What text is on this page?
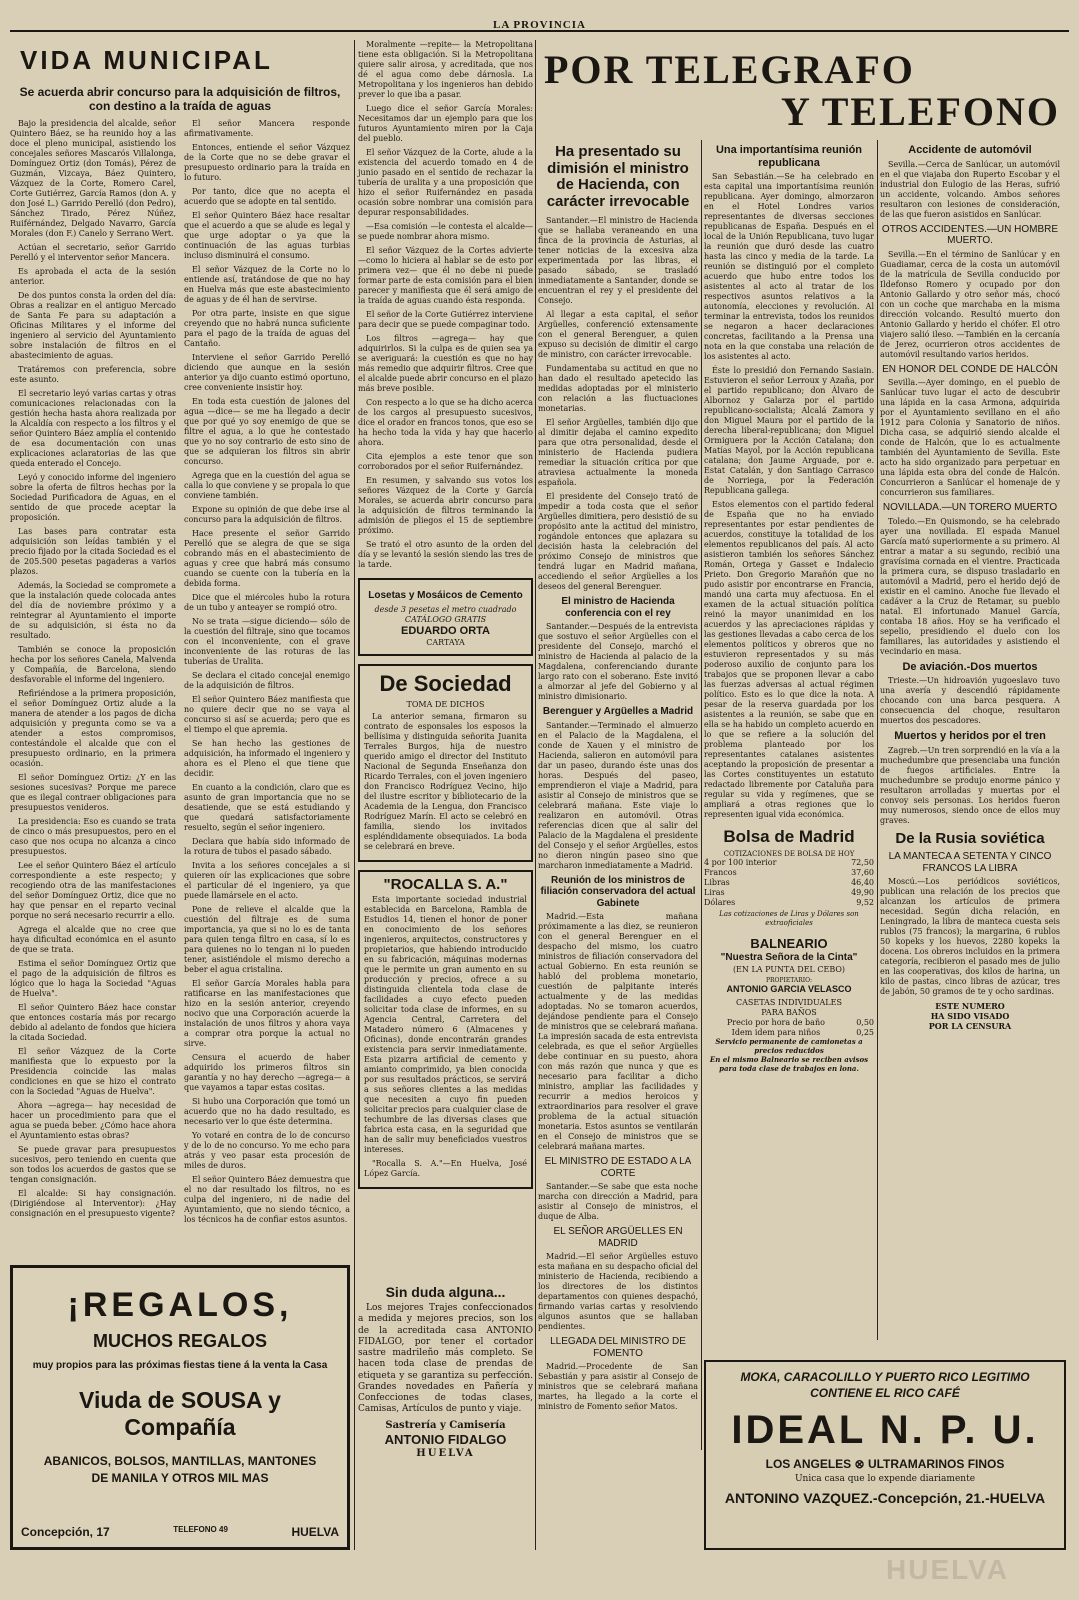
LA PROVINCIA
VIDA MUNICIPAL
Se acuerda abrir concurso para la adquisición de filtros, con destino a la traída de aguas

Bajo la presidencia del alcalde, señor Quintero Báez, se ha reunido hoy a las doce el pleno municipal, asistiendo los concejales señores Mascarós Villalonga, Domínguez Ortiz (don Tomás), Pérez de Guzmán, Vizcaya, Báez Quintero, Vázquez de la Corte, Romero Carel, Corte Gutiérrez, García Ramos (don A. y don José L.) Garrido Perelló (don Pedro), Sánchez Tirado, Pérez Núñez, Ruiférnández, Delgado Navarro, García Morales (don F.) Canelo y Serrano Wert.

Actúan el secretario, señor Garrido Perelló y el interventor señor Mancera.

Es aprobada el acta de la sesión anterior.

De dos puntos consta la orden del día: Obras a realizar en el antiguo Mercado de Santa Fe para su adaptación a Oficinas Militares y el informe del ingeniero al servicio del Ayuntamiento sobre instalación de filtros en el abastecimiento de aguas.

Tratáremos con preferencia, sobre este asunto.

El secretario leyó varias cartas y otras comunicaciones relacionadas con la gestión hecha hasta ahora realizada por la Alcaldía con respecto a los filtros y el señor Quintero Báez amplía el contenido de esa documentación con unas explicaciones aclaratorias de las que queda enterado el Concejo.

Leyó y conocido informe del ingeniero sobre la oferta de filtros hechas por la Sociedad Purificadora de Aguas, en el sentido de que procede aceptar la proposición.

Las bases para contratar esta adquisición son leídas también y el precio fijado por la citada Sociedad es el de 205.500 pesetas pagaderas a varios plazos.

Además, la Sociedad se compromete a que la instalación quede colocada antes del día de noviembre próximo y a reintegrar al Ayuntamiento el importe de su adquisición, si ésta no da resultado.

También se conoce la proposición hecha por los señores Canela, Malvenda y Compañía, de Barcelona, siendo desfavorable el informe del ingeniero.

Refiriéndose a la primera proposición, el señor Domínguez Ortiz alude a la manera de atender a los pagos de dicha adquisición y pregunta como se va a atender a estos compromisos, contestándole el alcalde que con el presupuesto ordinario, en la primera ocasión.

El señor Domínguez Ortiz: ¿Y en las sesiones sucesivas? Porque me parece que es ilegal contraer obligaciones para presupuestos venideros.

La presidencia: Eso es cuando se trata de cinco o más presupuestos, pero en el caso que nos ocupa no alcanza a cinco presupuestos.

Lee el señor Quintero Báez el artículo correspondiente a este respecto; y recogiendo otra de las manifestaciones del señor Domínguez Ortiz, dice que no hay que pensar en el reparto vecinal porque no será necesario recurrir a ello.

Agrega el alcalde que no cree que haya dificultad económica en el asunto de que se trata.

Estima el señor Domínguez Ortiz que el pago de la adquisición de filtros es lógico que lo haga la Sociedad "Aguas de Huelva".

El señor Quintero Báez hace constar que entonces costaría más por recargo debido al adelanto de fondos que hiciera la citada Sociedad.

El señor Vázquez de la Corte manifiesta que lo expuesto por la Presidencia coincide las malas condiciones en que se hizo el contrato con la Sociedad "Aguas de Huelva".

Ahora —agrega— hay necesidad de hacer un procedimiento para que el agua se pueda beber. ¿Cómo hace ahora el Ayuntamiento estas obras?

Se puede gravar para presupuestos sucesivos, pero teniendo en cuenta que son todos los acuerdos de gastos que se tengan consignación.

El alcalde: Si hay consignación. (Dirigiéndose al Interventor): ¿Hay consignación en el presupuesto vigente?

El señor Mancera responde afirmativamente.

Entonces, entiende el señor Vázquez de la Corte que no se debe gravar el presupuesto ordinario para la traída en lo futuro.

Por tanto, dice que no acepta el acuerdo que se adopte en tal sentido.

El señor Quintero Báez hace resaltar que el acuerdo a que se alude es legal y que urge adoptar o ya que la continuación de las aguas turbias incluso disminuirá el consumo.

El señor Vázquez de la Corte no lo entiende así, tratándose de que no hay en Huelva más que este abastecimiento de aguas y de él han de servirse.

Por otra parte, insiste en que sigue creyendo que no habrá nunca suficiente para el pago de la traída de aguas del Cantaño.

Interviene el señor Garrido Perelló diciendo que aunque en la sesión anterior ya dijo cuanto estimó oportuno, cree conveniente insistir hoy.

En toda esta cuestión de jalones del agua —dice— se me ha llegado a decir que por qué yo soy enemigo de que se filtre el agua, a lo que he contestado que yo no soy contrario de esto sino de que se adquieran los filtros sin abrir concurso.

Agrega que en la cuestión del agua se calla lo que conviene y se propala lo que conviene también.

Expone su opinión de que debe irse al concurso para la adquisición de filtros.

Hace presente el señor Garrido Perelló que se alegra de que se siga cobrando más en el abastecimiento de aguas y cree que habrá más consumo cuando se cuente con la tubería en la debida forma.

Dice que el miércoles hubo la rotura de un tubo y anteayer se rompió otro.

No se trata —sigue diciendo— sólo de la cuestión del filtraje, sino que tocamos con el inconveniente, con el grave inconveniente de las roturas de las tuberías de Uralita.

Se declara el citado concejal enemigo de la adquisición de filtros.

El señor Quintero Báez manifiesta que no quiere decir que no se vaya al concurso si así se acuerda; pero que es el tiempo el que apremia.

Se han hecho las gestiones de adquisición, ha informado el ingeniero y ahora es el Pleno el que tiene que decidir.

En cuanto a la condición, claro que es asunto de gran importancia que no se desatiende, que se está estudiando y que quedará satisfactoriamente resuelto, según el señor ingeniero.

Declara que había sido informado de la rotura de tubos el pasado sábado.

Invita a los señores concejales a si quieren oír las explicaciones que sobre el particular dé el ingeniero, ya que puede llamársele en el acto.

Pone de relieve el alcalde que la cuestión del filtraje es de suma importancia, ya que si no lo es de tanta para quien tenga filtro en casa, sí lo es para quienes no lo tengan ni lo pueden tener, asistiéndole el mismo derecho a beber el agua cristalina.

El señor García Morales habla para ratificarse en las manifestaciones que hizo en la sesión anterior, creyendo nocivo que una Corporación acuerde la instalación de unos filtros y ahora vaya a comprar otra porque la actual no sirve.

Censura el acuerdo de haber adquirido los primeros filtros sin garantía y no hay derecho —agrega— a que vayamos a tapar estas cositas.

Si hubo una Corporación que tomó un acuerdo que no ha dado resultado, es necesario ver lo que éste determina.

Yo votaré en contra de lo de concurso y de lo de no concurso. Yo me echo para atrás y veo pasar esta procesión de miles de duros.

El señor Quintero Báez demuestra que el no dar resultado los filtros, no es culpa del ingeniero, ni de nadie del Ayuntamiento, que no siendo técnico, a los técnicos ha de confiar estos asuntos.

¡REGALOS,
MUCHOS REGALOS
muy propios para las próximas fiestas tiene á la venta la Casa
Viuda de SOUSA y Compañía
ABANICOS, BOLSOS, MANTILLAS, MANTONES
DE MANILA Y OTROS MIL MAS
Concepción, 17	TELEFONO 49	HUELVA

Moralmente —repite— la Metropolitana tiene esta obligación. Si la Metropolitana quiere salir airosa, y acreditada, que nos dé el agua como debe dárnosla. La Metropolitana y los ingenieros han debido prever lo que iba a pasar.

Luego dice el señor García Morales: Necesitamos dar un ejemplo para que los futuros Ayuntamiento miren por la Caja del pueblo.

El señor Vázquez de la Corte, alude a la existencia del acuerdo tomado en 4 de junio pasado en el sentido de rechazar la tubería de uralita y a una proposición que hizo el señor Ruifernández en pasada ocasión sobre nombrar una comisión para depurar responsabilidades.

—Esa comisión —le contesta el alcalde— se puede nombrar ahora mismo.

El señor Vázquez de la Cortes advierte —como lo hiciera al hablar se de esto por primera vez— que él no debe ni puede formar parte de esta comisión para el bien parecer y manifiesta que él será amigo de la traída de aguas cuando ésta responda.

El señor de la Corte Gutiérrez interviene para decir que se puede compaginar todo.

Los filtros —agrega— hay que adquirirlos. Si la culpa es de quien sea ya se averiguará: la cuestión es que no hay más remedio que adquirir filtros. Cree que el alcalde puede abrir concurso en el plazo más breve posible.

Con respecto a lo que se ha dicho acerca de los cargos al presupuesto sucesivos, dice el orador en francos tonos, que eso se ha hecho toda la vida y hay que hacerlo ahora.

Cita ejemplos a este tenor que son corroborados por el señor Ruifernández.

En resumen, y salvando sus votos los señores Vázquez de la Corte y García Morales, se acuerda abrir concurso para la adquisición de filtros terminando la admisión de pliegos el 15 de septiembre próximo.

Se trató el otro asunto de la orden del día y se levantó la sesión siendo las tres de la tarde.

Losetas y Mosáicos de Cemento
desde 3 pesetas el metro cuadrado
CATÁLOGO GRATIS
EDUARDO ORTA
CARTAYA
De Sociedad
TOMA DE DICHOS

La anterior semana, firmaron su contrato de esponsales los esposos la bellísima y distinguida señorita Juanita Terrales Burgos, hija de nuestro querido amigo el director del Instituto Nacional de Segunda Enseñanza don Ricardo Terrales, con el joven ingeniero don Francisco Rodríguez Vecino, hijo del ilustre escritor y bibliotecario de la Academia de la Lengua, don Francisco Rodríguez Marín. El acto se celebró en familia, siendo los invitados espléndidamente obsequiados. La boda se celebrará en breve.

"ROCALLA S. A."

Esta importante sociedad industrial establecida en Barcelona, Rambla de Estudios 14, tienen el honor de poner en conocimiento de los señores ingenieros, arquitectos, constructores y propietarios, que habiendo introducido en su fabricación, máquinas modernas que le permite un gran aumento en su producción y precios, ofrece a su distinguida clientela toda clase de facilidades a cuyo efecto pueden solicitar toda clase de informes, en su Agencia Central, Carretera del Matadero número 6 (Almacenes y Oficinas), donde encontrarán grandes existencia para servir inmediatamente. Esta pizarra artificial de cemento y amianto comprimido, ya bien conocida por sus resultados prácticos, se servirá a sus señores clientes a las medidas que necesiten a cuyo fin pueden solicitar precios para cualquier clase de techumbre de las diversas clases que fabrica esta casa, en la seguridad que han de salir muy beneficiados vuestros intereses.

"Rocalla S. A."—En Huelva, José López García.

POR TELEGRAFO
Y TELEFONO
Ha presentado su dimisión el ministro de Hacienda, con carácter irrevocable

Santander.—El ministro de Hacienda que se hallaba veraneando en una finca de la provincia de Asturias, al tener noticias de la excesiva alza experimentada por las libras, el pasado sábado, se trasladó inmediatamente a Santander, donde se encuentran el rey y el presidente del Consejo.

Al llegar a esta capital, el señor Argüelles, conferenció extensamente con el general Berenguer, a quien expuso su decisión de dimitir el cargo de ministro, con carácter irrevocable.

Fundamentaba su actitud en que no han dado el resultado apetecido las medidas adoptadas por el ministerio con relación a las fluctuaciones monetarias.

El señor Argüelles, también dijo que al dimitir dejaba el camino expedito para que otra personalidad, desde el ministerio de Hacienda pudiera remediar la situación crítica por que atraviesa actualmente la moneda española.

El presidente del Consejo trató de impedir a toda costa que el señor Argüelles dimitiera, pero desistió de su propósito ante la actitud del ministro, rogándole entonces que aplazara su decisión hasta la celebración del próximo Consejo de ministros que tendrá lugar en Madrid mañana, accediendo el señor Argüelles a los deseos del general Berenguer.

El ministro de Hacienda conferencia con el rey

Santander.—Después de la entrevista que sostuvo el señor Argüelles con el presidente del Consejo, marchó el ministro de Hacienda al palacio de la Magdalena, conferenciando durante largo rato con el soberano. Éste invitó a almorzar al jefe del Gobierno y al ministro dimisionario.

Berenguer y Argüelles a Madrid

Santander.—Terminado el almuerzo en el Palacio de la Magdalena, el conde de Xauen y el ministro de Hacienda, salieron en automóvil para dar un paseo, durando éste unas dos horas. Después del paseo, emprendieron el viaje a Madrid, para asistir al Consejo de ministros que se celebrará mañana. Este viaje lo realizaron en automóvil. Otras referencias dicen que al salir del Palacio de la Magdalena el presidente del Consejo y el señor Argüelles, estos no dieron ningún paseo sino que marcharon inmediatamente a Madrid.

Reunión de los ministros de filiación conservadora del actual Gabinete

Madrid.—Esta mañana próximamente a las diez, se reunieron con el general Berenguer en el despacho del mismo, los cuatro ministros de filiación conservadora del actual Gobierno. En esta reunión se habló del problema monetario, cuestión de palpitante interés actualmente y de las medidas adoptadas. No se tomaron acuerdos, dejándose pendiente para el Consejo de ministros que se celebrará mañana. La impresión sacada de esta entrevista celebrada, es que el señor Argüelles debe continuar en su puesto, ahora con más razón que nunca y que es necesario para facilitar a dicho ministro, ampliar las facilidades y recurrir a medios heroicos y extraordinarios para resolver el grave problema de la actual situación monetaria. Estos asuntos se ventilarán en el Consejo de ministros que se celebrará mañana martes.

EL MINISTRO DE ESTADO A LA CORTE

Santander.—Se sabe que esta noche marcha con dirección a Madrid, para asistir al Consejo de ministros, el duque de Alba.

EL SEÑOR ARGÜELLES EN MADRID

Madrid.—El señor Argüelles estuvo esta mañana en su despacho oficial del ministerio de Hacienda, recibiendo a los directores de los distintos departamentos con quienes despachó, firmando varias cartas y resolviendo algunos asuntos que se hallaban pendientes.

LLEGADA DEL MINISTRO DE FOMENTO

Madrid.—Procedente de San Sebastián y para asistir al Consejo de ministros que se celebrará mañana martes, ha llegado a la corte el ministro de Fomento señor Matos.

Sin duda alguna...

Los mejores Trajes confeccionados a medida y mejores precios, son los de la acreditada casa ANTONIO FIDALGO, por tener el cortador sastre madrileño más completo. Se hacen toda clase de prendas de etiqueta y se garantiza su perfección. Grandes novedades en Pañería y Confecciones de todas clases, Camisas, Artículos de punto y viaje.

Sastrería y Camisería
ANTONIO FIDALGO
HUELVA
Una importantísima reunión republicana

San Sebastián.—Se ha celebrado en esta capital una importantísima reunión republicana. Ayer domingo, almorzaron en el Hotel Londres varios representantes de diversas secciones republicanas de España. Después en el local de la Unión Republicana, tuvo lugar la reunión que duró desde las cuatro hasta las cinco y media de la tarde. La reunión se distinguió por el completo acuerdo que hubo entre todos los asistentes al acto al tratar de los respectivos asuntos relativos a la autonomía, elecciones y revolución. Al terminar la entrevista, todos los reunidos se negaron a hacer declaraciones concretas, facilitando a la Prensa una nota en la que constaba una relación de los asistentes al acto.

Éste lo presidió don Fernando Sasiain. Estuvieron el señor Lerroux y Azaña, por el partido republicano; don Álvaro de Albornoz y Galarza por el partido republicano-socialista; Alcalá Zamora y don Miguel Maura por el partido de la derecha liberal-republicana; don Miguel Ormiguera por la Acción Catalana; don Matías Mayol, por la Acción republicana catalana; don Jaume Arguade, por e. Estat Catalán, y don Santiago Carrasco de Norriega, por la Federación Republicana gallega.

Estos elementos con el partido federal de España que no ha enviado representantes por estar pendientes de acuerdos, constituye la totalidad de los elementos republicanos del país. Al acto asistieron también los señores Sánchez Román, Ortega y Gasset e Indalecio Prieto. Don Gregorio Marañón que no pudo asistir por encontrarse en Francia, mandó una carta muy afectuosa. En el examen de la actual situación política reinó la mayor unanimidad en los acuerdos y las apreciaciones rápidas y las gestiones llevadas a cabo cerca de los elementos políticos y obreros que no estuvieron representados y su más poderoso auxilio de conjunto para los trabajos que se proponen llevar a cabo las fuerzas adversas al actual régimen político. Esto es lo que dice la nota. A pesar de la reserva guardada por los asistentes a la reunión, se sabe que en ella se ha habido un completo acuerdo en lo que se refiere a la solución del problema planteado por los representantes catalanes asistentes aceptando la proposición de presentar a las Cortes constituyentes un estatuto redactado libremente por Cataluña para regular su vida y regímenes, que se ampliará a otras regiones que lo representen igual vida económica.

Bolsa de Madrid
COTIZACIONES DE BOLSA DE HOY
4 por 100 interior	72,50
Francos	37,60
Libras	46,40
Liras	49,90
Dólares	9,52
Las cotizaciones de Liras y Dólares son extraoficiales
BALNEARIO
"Nuestra Señora de la Cinta"
(EN LA PUNTA DEL CEBO)
PROPIETARIO:
ANTONIO GARCIA VELASCO
CASETAS INDIVIDUALES
PARA BAÑOS
Precio por hora de baño	0,50
Idem idem para niños	0,25
Servicio permanente de camionetas a precios reducidos
En el mismo Balneario se reciben avisos para toda clase de trabajos en lona.
Accidente de automóvil

Sevilla.—Cerca de Sanlúcar, un automóvil en el que viajaba don Ruperto Escobar y el industrial don Eulogio de las Heras, sufrió un accidente, volcando. Ambos señores resultaron con lesiones de consideración, de las que fueron asistidos en Sanlúcar.

OTROS ACCIDENTES.—UN HOMBRE MUERTO.

Sevilla.—En el término de Sanlúcar y en Guadiamar, cerca de la costa un automóvil de la matrícula de Sevilla conducido por Ildefonso Romero y ocupado por don Antonio Gallardo y otro señor más, chocó con un coche que marchaba en la misma dirección volcando. Resultó muerto don Antonio Gallardo y herido el chófer. El otro viajero salió ileso. —También en la cercanía de Jerez, ocurrieron otros accidentes de automóvil resultando varios heridos.

EN HONOR DEL CONDE DE HALCÓN

Sevilla.—Ayer domingo, en el pueblo de Sanlúcar tuvo lugar el acto de descubrir una lápida en la casa Armona, adquirida por el Ayuntamiento sevillano en el año 1912 para Colonia y Sanatorio de niños. Dicha casa, se adquirió siendo alcalde el conde de Halcón, que lo es actualmente también del Ayuntamiento de Sevilla. Este acto ha sido organizado para perpetuar en una lápida esta obra del conde de Halcón. Concurrieron a Sanlúcar el homenaje de y concurrieron sus familiares.

NOVILLADA.—UN TORERO MUERTO

Toledo.—En Quismondo, se ha celebrado ayer una novillada. El espada Manuel García mató superiormente a su primero. Al entrar a matar a su segundo, recibió una gravísima cornada en el vientre. Practicada la primera cura, se dispuso trasladarlo en automóvil a Madrid, pero el herido dejó de existir en el camino. Anoche fue llevado el cadáver a la Cruz de Retamar, su pueblo natal. El infortunado Manuel García, contaba 18 años. Hoy se ha verificado el sepelio, presidiendo el duelo con los familiares, las autoridades y asistiendo el vecindario en masa.

De aviación.-Dos muertos

Trieste.—Un hidroavión yugoeslavo tuvo una avería y descendió rápidamente chocando con una barca pesquera. A consecuencia del choque, resultaron muertos dos pescadores.

Muertos y heridos por el tren

Zagreb.—Un tren sorprendió en la vía a la muchedumbre que presenciaba una función de fuegos artificiales. Entre la muchedumbre se produjo enorme pánico y resultaron arrolladas y muertas por el convoy seis personas. Los heridos fueron muy numerosos, siendo once de ellos muy graves.

De la Rusia soviética
LA MANTECA A SETENTA Y CINCO FRANCOS LA LIBRA

Moscú.—Los periódicos soviéticos, publican una relación de los precios que alcanzan los artículos de primera necesidad. Según dicha relación, en Leningrado, la libra de manteca cuesta seis rublos (75 francos); la margarina, 6 rublos 50 kopeks y los huevos, 2280 kopeks la docena. Los obreros incluidos en la primera categoría, recibieron el pasado mes de julio en las cooperativas, dos kilos de harina, un kilo de pastas, cinco libras de azúcar, tres de jabón, 50 gramos de te y ocho sardinas.

ESTE NUMERO
HA SIDO VISADO
POR LA CENSURA
MOKA, CARACOLILLO Y PUERTO RICO LEGITIMO
CONTIENE EL RICO CAFÉ
IDEAL N. P. U.
LOS ANGELES ⊗ ULTRAMARINOS FINOS
Unica casa que lo expende diariamente
ANTONINO VAZQUEZ.-Concepción, 21.-HUELVA
HUELVA
